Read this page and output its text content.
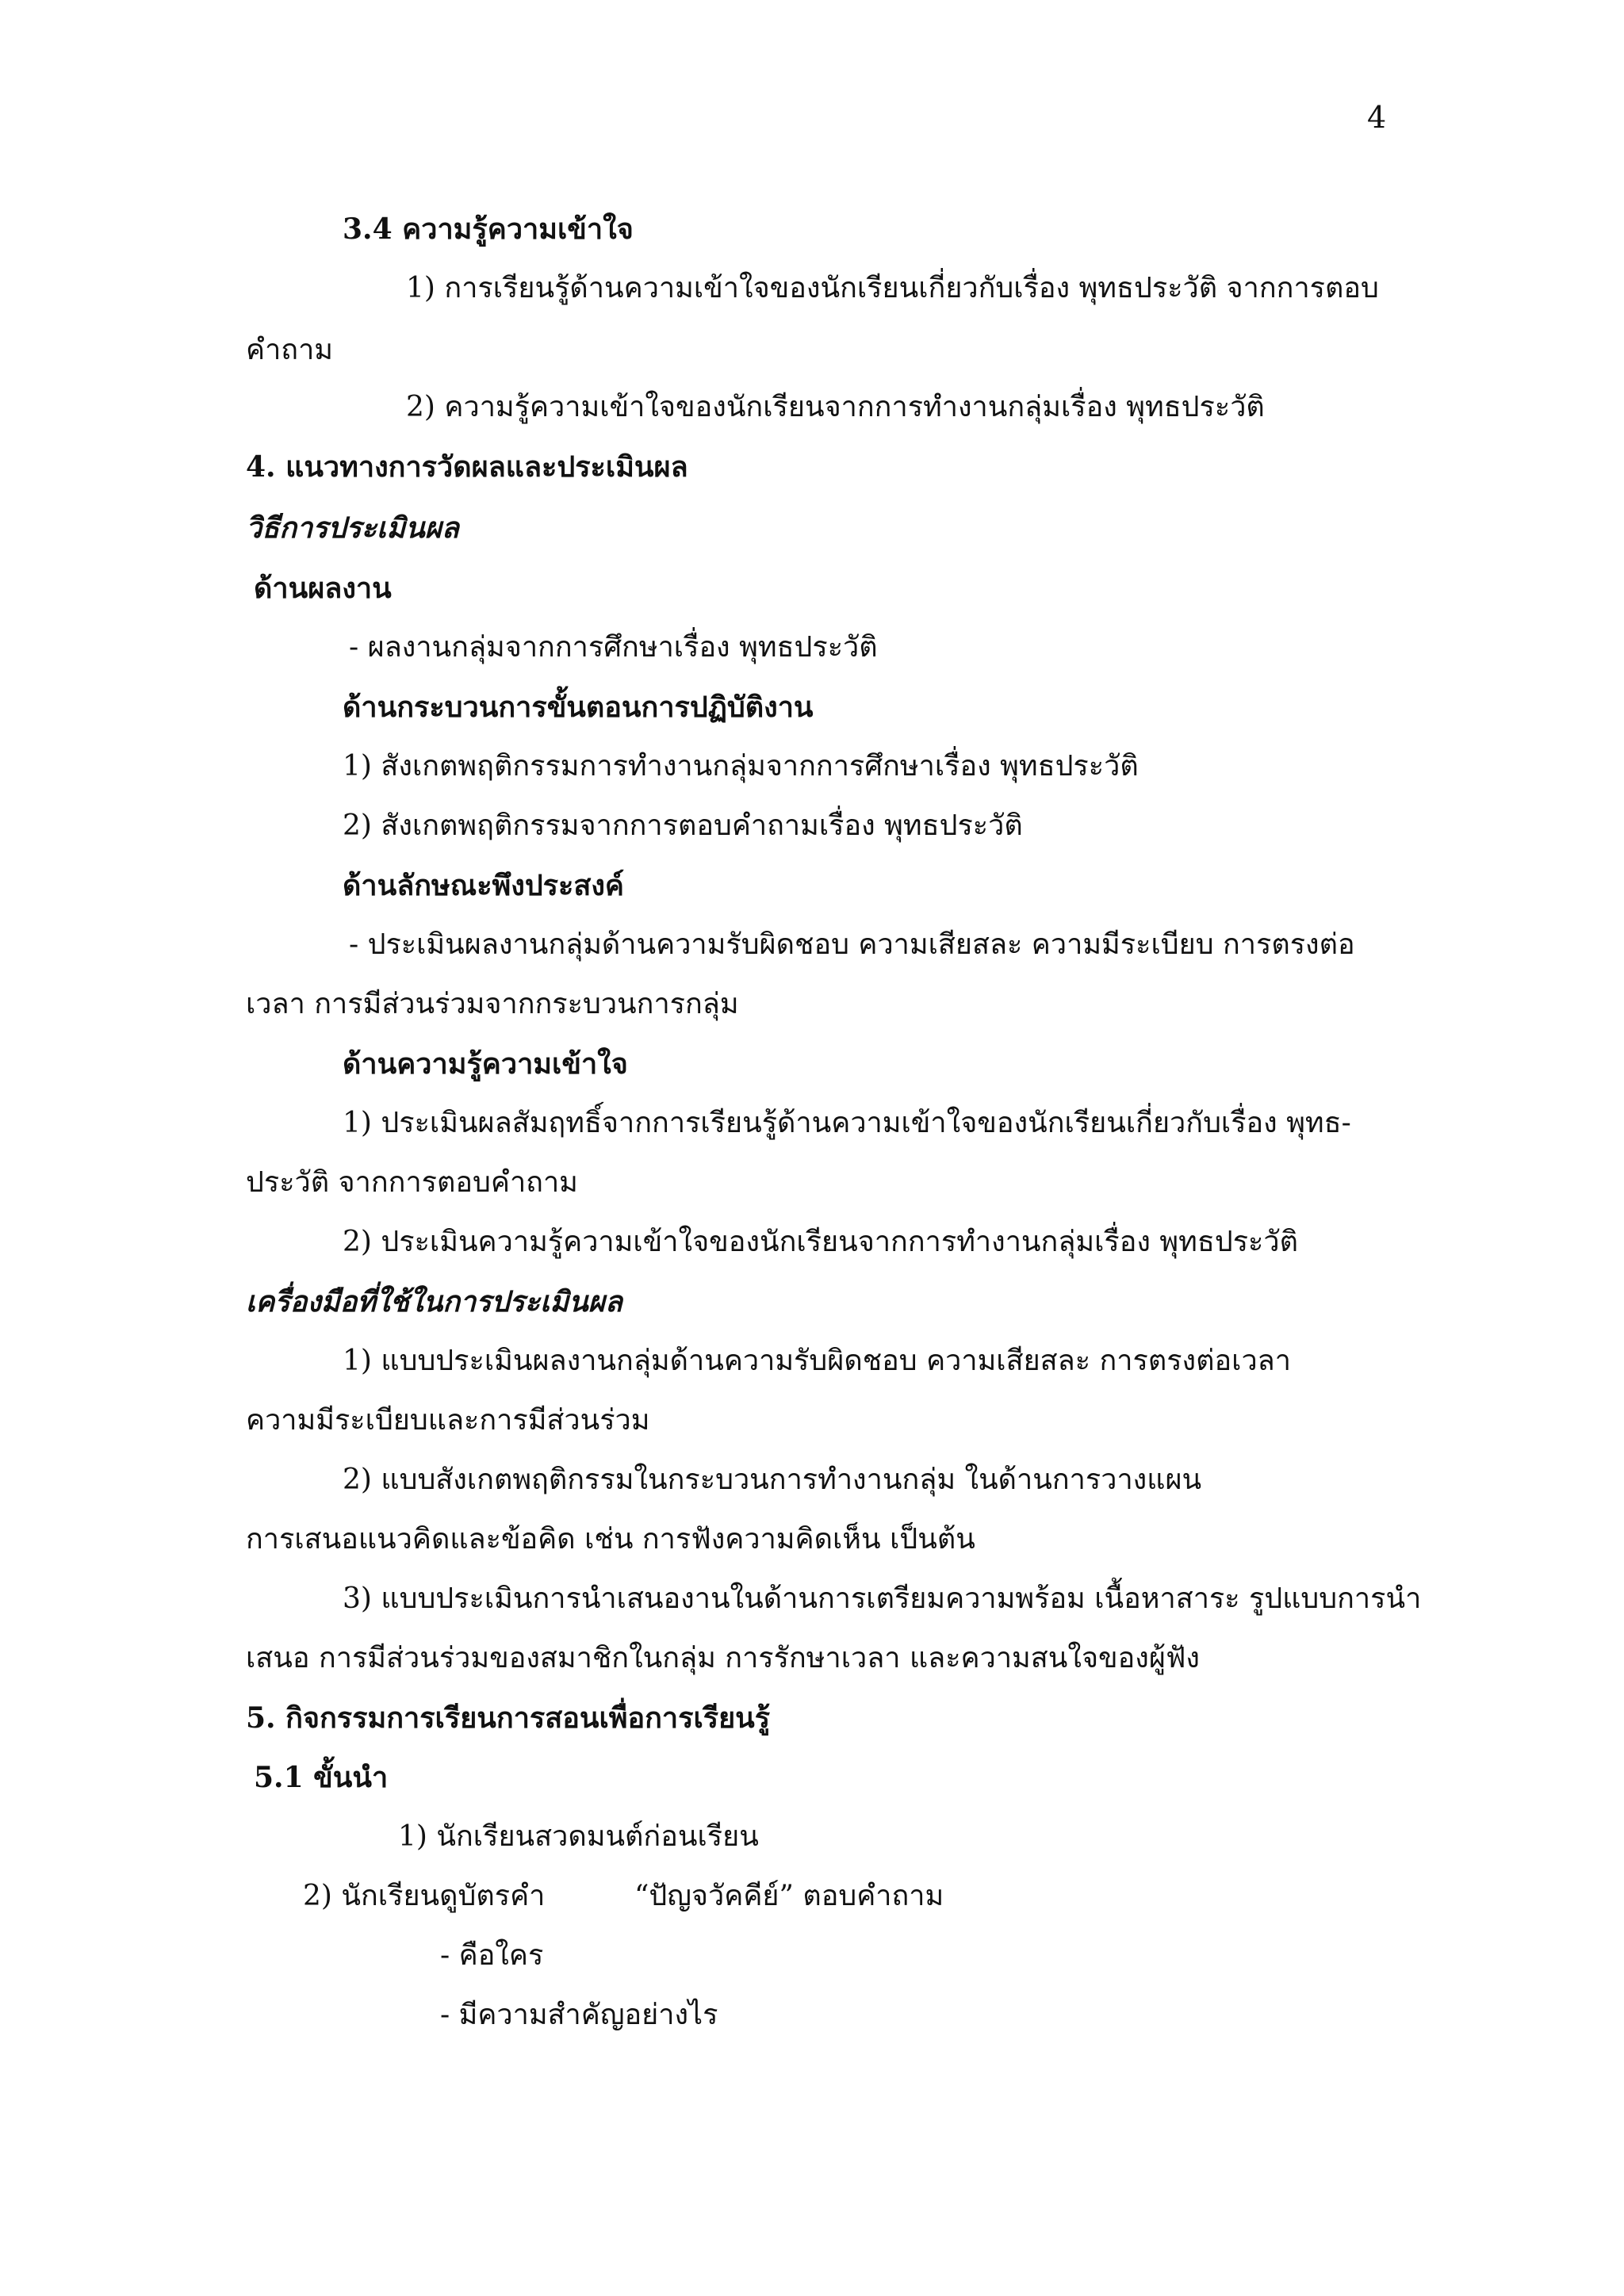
4
3.4 ความรู้ความเข้าใจ
1) การเรียนรู้ด้านความเข้าใจของนักเรียนเกี่ยวกับเรื่อง พุทธประวัติ จากการตอบ
คำถาม
2) ความรู้ความเข้าใจของนักเรียนจากการทำงานกลุ่มเรื่อง พุทธประวัติ
4. แนวทางการวัดผลและประเมินผล
วิธีการประเมินผล
ด้านผลงาน
- ผลงานกลุ่มจากการศึกษาเรื่อง พุทธประวัติ
ด้านกระบวนการขั้นตอนการปฏิบัติงาน
1) สังเกตพฤติกรรมการทำงานกลุ่มจากการศึกษาเรื่อง พุทธประวัติ
2) สังเกตพฤติกรรมจากการตอบคำถามเรื่อง พุทธประวัติ
ด้านลักษณะพึงประสงค์
- ประเมินผลงานกลุ่มด้านความรับผิดชอบ ความเสียสละ ความมีระเบียบ การตรงต่อ
เวลา การมีส่วนร่วมจากกระบวนการกลุ่ม
ด้านความรู้ความเข้าใจ
1) ประเมินผลสัมฤทธิ์จากการเรียนรู้ด้านความเข้าใจของนักเรียนเกี่ยวกับเรื่อง พุทธ-
ประวัติ จากการตอบคำถาม
2) ประเมินความรู้ความเข้าใจของนักเรียนจากการทำงานกลุ่มเรื่อง พุทธประวัติ
เครื่องมือที่ใช้ในการประเมินผล
1) แบบประเมินผลงานกลุ่มด้านความรับผิดชอบ ความเสียสละ การตรงต่อเวลา
ความมีระเบียบและการมีส่วนร่วม
2) แบบสังเกตพฤติกรรมในกระบวนการทำงานกลุ่ม ในด้านการวางแผน
การเสนอแนวคิดและข้อคิด เช่น การฟังความคิดเห็น เป็นต้น
3) แบบประเมินการนำเสนองานในด้านการเตรียมความพร้อม เนื้อหาสาระ รูปแบบการนำ
เสนอ การมีส่วนร่วมของสมาชิกในกลุ่ม การรักษาเวลา และความสนใจของผู้ฟัง
5. กิจกรรมการเรียนการสอนเพื่อการเรียนรู้
5.1 ขั้นนำ
1) นักเรียนสวดมนต์ก่อนเรียน
2) นักเรียนดูบัตรคำ	“ปัญจวัคคีย์” ตอบคำถาม
- คือใคร
- มีความสำคัญอย่างไร
